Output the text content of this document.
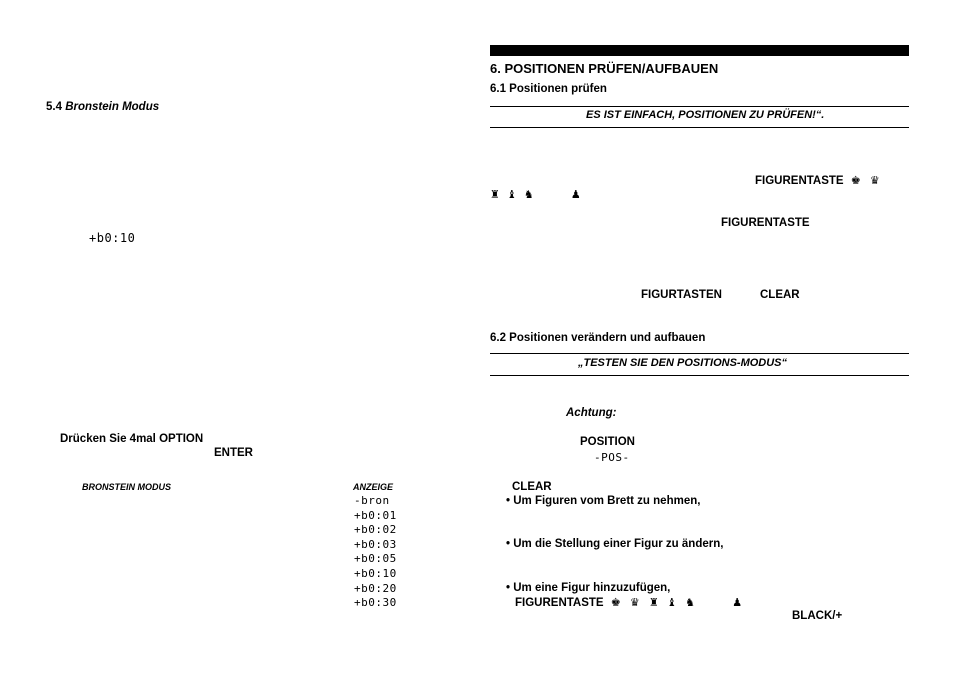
5.4 Bronstein Modus
+b0:10
Drücken Sie 4mal OPTION
ENTER
BRONSTEIN MODUS	ANZEIGE
-bron
+b0:01
+b0:02
+b0:03
+b0:05
+b0:10
+b0:20
+b0:30
6. POSITIONEN PRÜFEN/AUFBAUEN
6.1 Positionen prüfen
ES IST EINFACH, POSITIONEN ZU PRÜFEN!“.
FIGURENTASTE ♚ ♛
♜ ♝ ♞	♟
FIGURENTASTE
FIGURTASTEN	CLEAR
6.2 Positionen verändern und aufbauen
„TESTEN SIE DEN POSITIONS-MODUS“
Achtung:
POSITION
-POS-
CLEAR
• Um Figuren vom Brett zu nehmen,
• Um die Stellung einer Figur zu ändern,
• Um eine Figur hinzuzufügen,
FIGURENTASTE ♚ ♛ ♜ ♝ ♞	♟
BLACK/+
